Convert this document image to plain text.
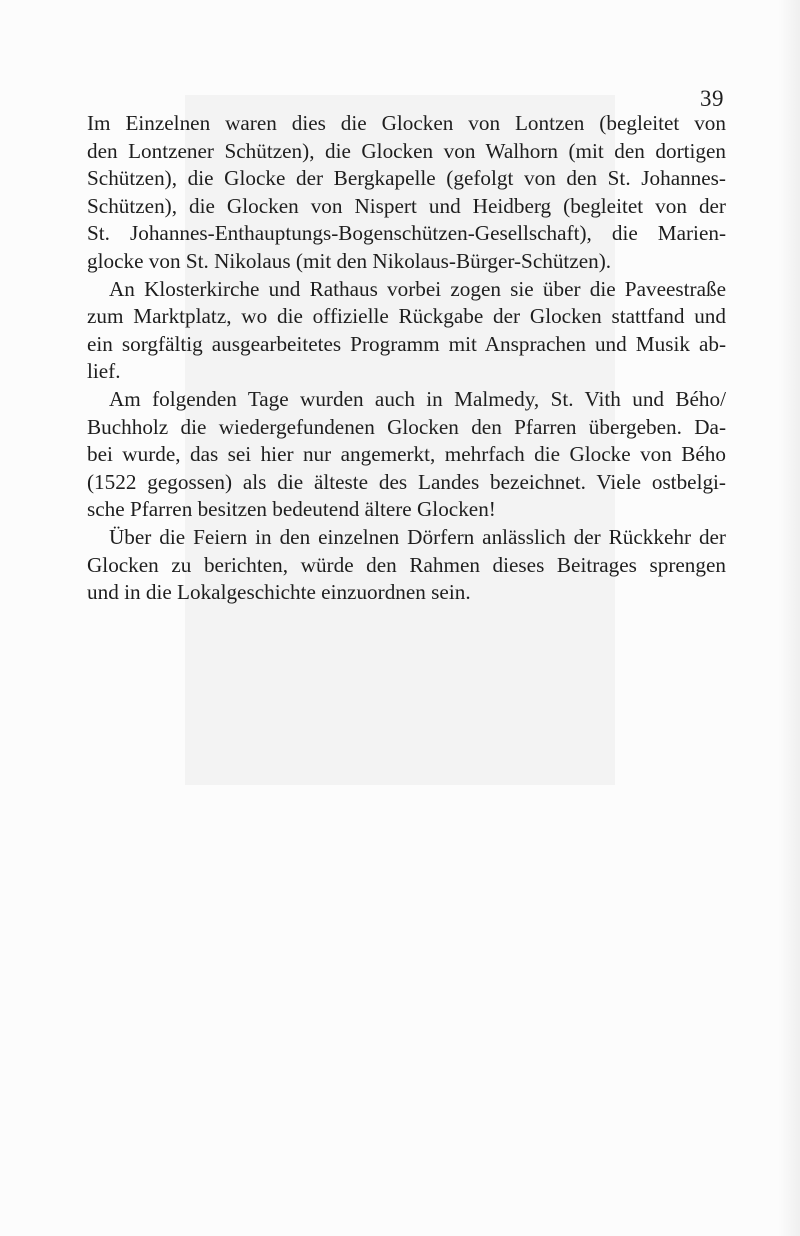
39

Im Einzelnen waren dies die Glocken von Lontzen (begleitet von
den Lontzener Schützen), die Glocken von Walhorn (mit den dortigen
Schützen), die Glocke der Bergkapelle (gefolgt von den St. Johannes-
Schützen), die Glocken von Nispert und Heidberg (begleitet von der
St. Johannes-Enthauptungs-Bogenschützen-Gesellschaft), die Marien-
glocke von St. Nikolaus (mit den Nikolaus-Bürger-Schützen).

An Klosterkirche und Rathaus vorbei zogen sie über die Paveestraße
zum Marktplatz, wo die offizielle Rückgabe der Glocken stattfand und
ein sorgfältig ausgearbeitetes Programm mit Ansprachen und Musik ab-
lief.

Am folgenden Tage wurden auch in Malmedy, St. Vith und Bého/
Buchholz die wiedergefundenen Glocken den Pfarren übergeben. Da-
bei wurde, das sei hier nur angemerkt, mehrfach die Glocke von Bého
(1522 gegossen) als die älteste des Landes bezeichnet. Viele ostbelgi-
sche Pfarren besitzen bedeutend ältere Glocken!

Über die Feiern in den einzelnen Dörfern anlässlich der Rückkehr der
Glocken zu berichten, würde den Rahmen dieses Beitrages sprengen
und in die Lokalgeschichte einzuordnen sein.
